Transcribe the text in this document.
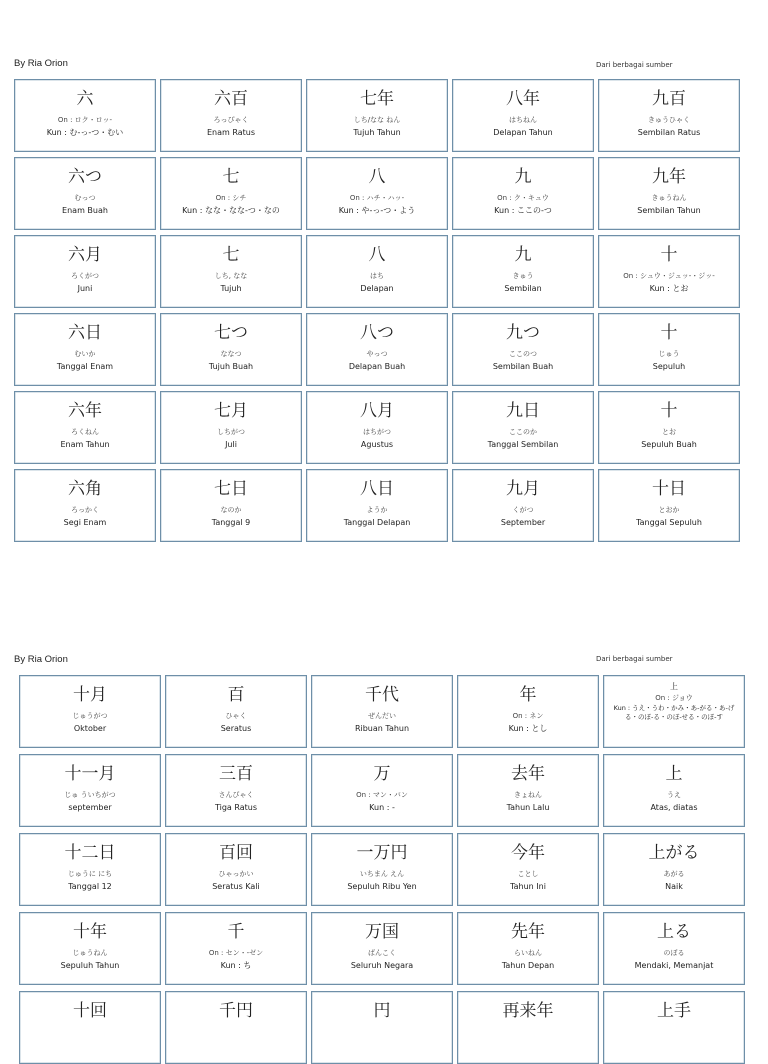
By Ria Orion	Dari berbagai sumber
六
On : ロク・ロッ-
Kun : む-っ-つ・むい
六百
ろっぴゃく
Enam Ratus
七年
しち/なな ねん
Tujuh Tahun
八年
はちねん
Delapan Tahun
九百
きゅうひゃく
Sembilan Ratus
六つ
むっつ
Enam Buah
七
On : シチ
Kun : なな・なな-つ・なの
八
On : ハチ・ハッ-
Kun : や-っ-つ・よう
九
On : ク・キュウ
Kun : ここの-つ
九年
きゅうねん
Sembilan Tahun
六月
ろくがつ
Juni
七
しち, なな
Tujuh
八
はち
Delapan
九
きゅう
Sembilan
十
On : シュウ・ジュッ-・ジッ-
Kun : とお
六日
むいか
Tanggal Enam
七つ
ななつ
Tujuh Buah
八つ
やっつ
Delapan Buah
九つ
ここのつ
Sembilan Buah
十
じゅう
Sepuluh
六年
ろくねん
Enam Tahun
七月
しちがつ
Juli
八月
はちがつ
Agustus
九日
ここのか
Tanggal Sembilan
十
とお
Sepuluh Buah
六角
ろっかく
Segi Enam
七日
なのか
Tanggal 9
八日
ようか
Tanggal Delapan
九月
くがつ
September
十日
とおか
Tanggal Sepuluh
By Ria Orion	Dari berbagai sumber
十月
じゅうがつ
Oktober
百
ひゃく
Seratus
千代
ぜんだい
Ribuan Tahun
年
On : ネン
Kun : とし
上
On : ジョウ
Kun : うえ・うわ・かみ・あ-がる・あ-げる・のぼ-る・のぼ-せる・のぼ-す
十一月
じゅ ういちがつ
september
三百
さんびゃく
Tiga Ratus
万
On : マン・バン
Kun : -
去年
きょねん
Tahun Lalu
上
うえ
Atas, diatas
十二日
じゅうに にち
Tanggal 12
百回
ひゃっかい
Seratus Kali
一万円
いちまん えん
Sepuluh Ribu Yen
今年
ことし
Tahun Ini
上がる
あがる
Naik
十年
じゅうねん
Sepuluh Tahun
千
On : セン・-ゼン
Kun : ち
万国
ばんこく
Seluruh Negara
先年
らいねん
Tahun Depan
上る
のぼる
Mendaki, Memanjat
十回	千円	円	再来年	上手
